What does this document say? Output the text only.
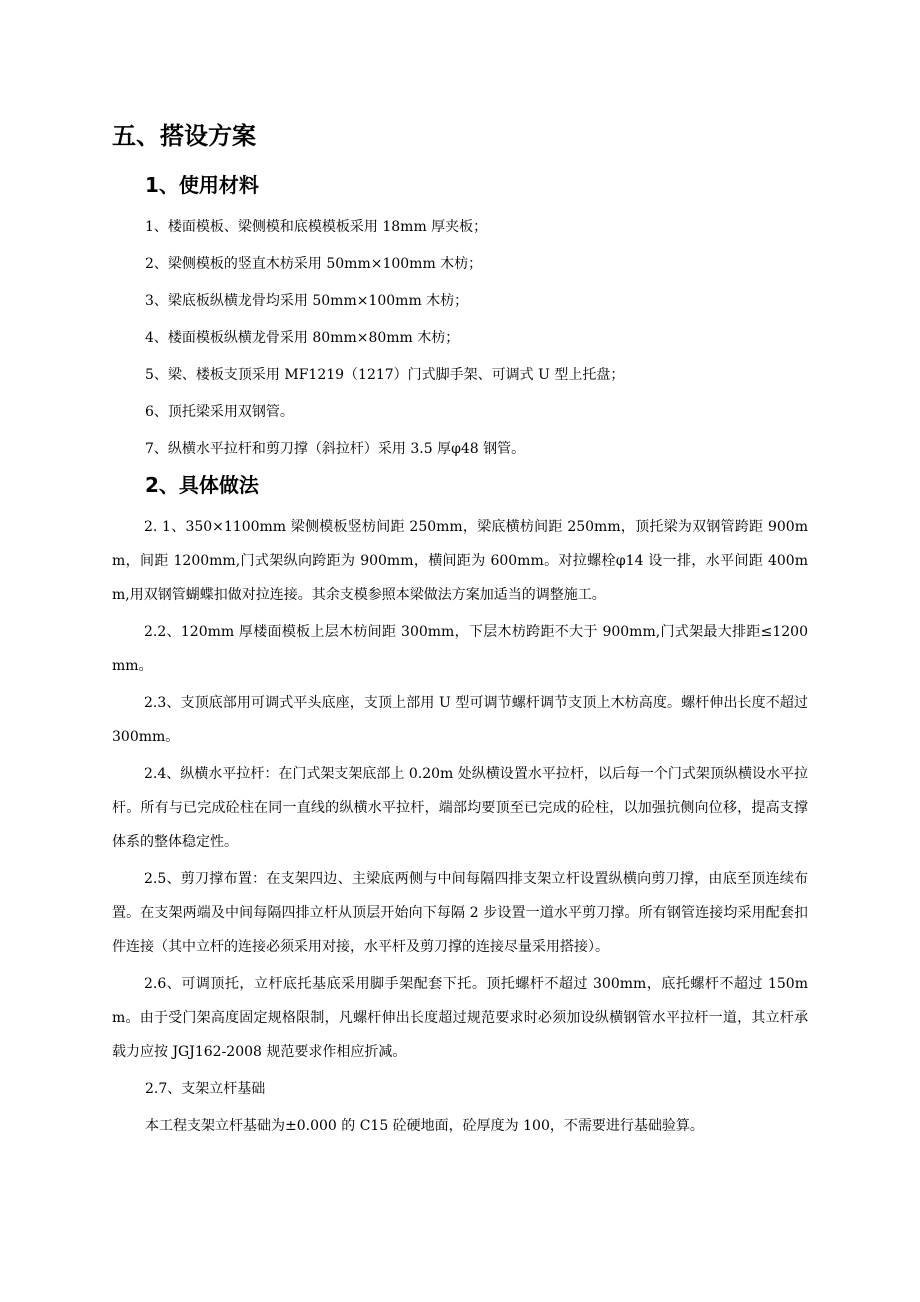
五、搭设方案
1、使用材料
1、楼面模板、梁侧模和底模模板采用 18mm 厚夹板；
2、梁侧模板的竖直木枋采用 50mm×100mm 木枋；
3、梁底板纵横龙骨均采用 50mm×100mm 木枋；
4、楼面模板纵横龙骨采用 80mm×80mm 木枋；
5、梁、楼板支顶采用 MF1219（1217）门式脚手架、可调式 U 型上托盘；
6、顶托梁采用双钢管。
7、纵横水平拉杆和剪刀撑（斜拉杆）采用 3.5 厚φ48 钢管。
2、具体做法

2. 1、350×1100mm 梁侧模板竖枋间距 250mm，梁底横枋间距 250mm，顶托梁为双钢管跨距 900mm，间距 1200mm,门式架纵向跨距为 900mm，横间距为 600mm。对拉螺栓φ14 设一排，水平间距 400mm,用双钢管蝴蝶扣做对拉连接。其余支模参照本梁做法方案加适当的调整施工。

2.2、120mm 厚楼面模板上层木枋间距 300mm，下层木枋跨距不大于 900mm,门式架最大排距≤1200mm。

2.3、支顶底部用可调式平头底座，支顶上部用 U 型可调节螺杆调节支顶上木枋高度。螺杆伸出长度不超过 300mm。

2.4、纵横水平拉杆：在门式架支架底部上 0.20m 处纵横设置水平拉杆，以后每一个门式架顶纵横设水平拉杆。所有与已完成砼柱在同一直线的纵横水平拉杆，端部均要顶至已完成的砼柱，以加强抗侧向位移，提高支撑体系的整体稳定性。

2.5、剪刀撑布置：在支架四边、主梁底两侧与中间每隔四排支架立杆设置纵横向剪刀撑，由底至顶连续布置。在支架两端及中间每隔四排立杆从顶层开始向下每隔 2 步设置一道水平剪刀撑。所有钢管连接均采用配套扣件连接（其中立杆的连接必须采用对接，水平杆及剪刀撑的连接尽量采用搭接）。

2.6、可调顶托，立杆底托基底采用脚手架配套下托。顶托螺杆不超过 300mm，底托螺杆不超过 150mm。由于受门架高度固定规格限制，凡螺杆伸出长度超过规范要求时必须加设纵横钢管水平拉杆一道，其立杆承载力应按 JGJ162-2008 规范要求作相应折减。

2.7、支架立杆基础

本工程支架立杆基础为±0.000 的 C15 砼硬地面，砼厚度为 100，不需要进行基础验算。
